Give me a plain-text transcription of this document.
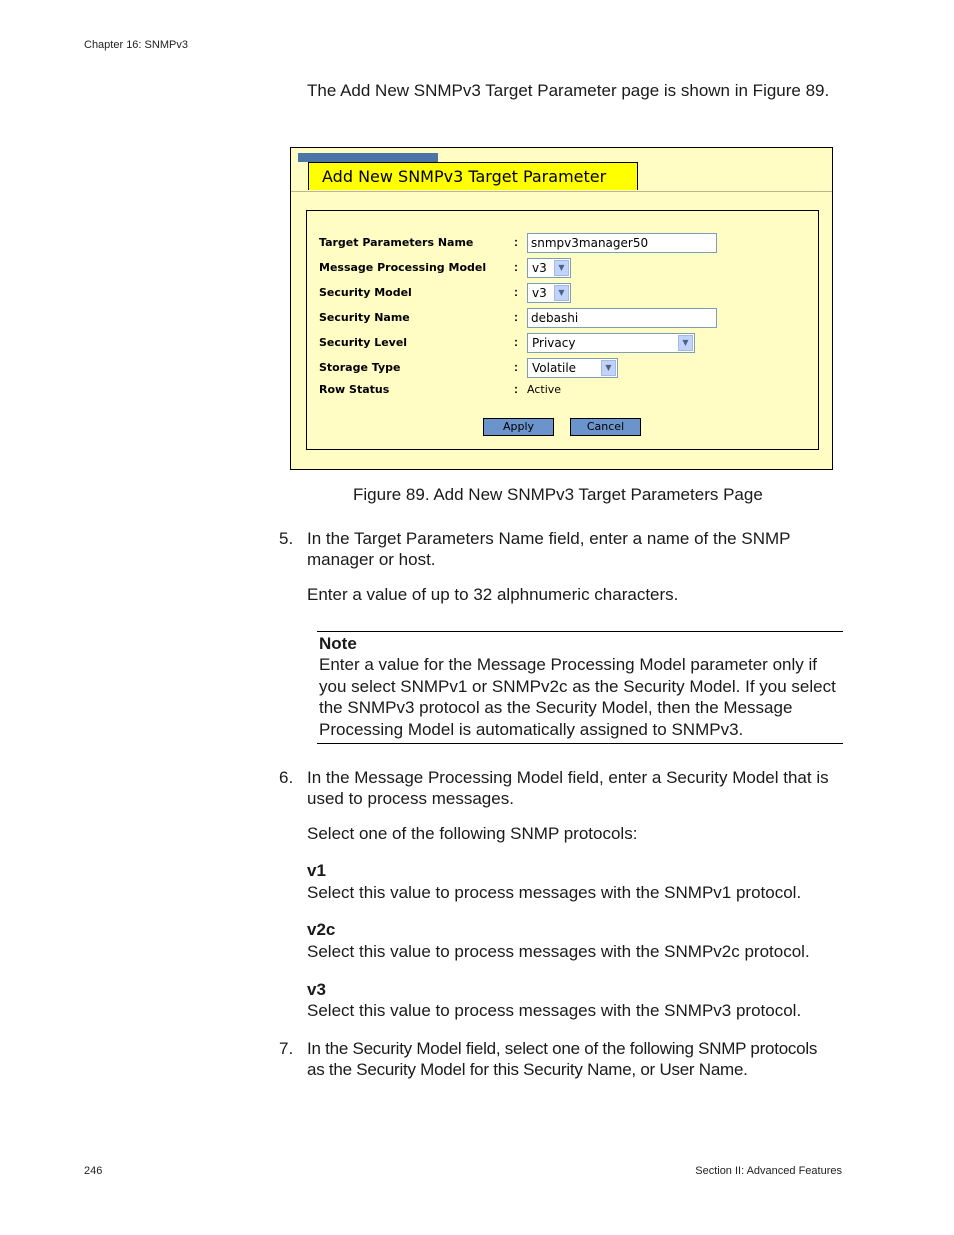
Chapter 16: SNMPv3
The Add New SNMPv3 Target Parameter page is shown in Figure 89.
Add New SNMPv3 Target Parameter
Target Parameters Name	:	snmpv3manager50
Message Processing Model :	v3	▼
Security Model	:	v3	▼
Security Name	:	debashi
Security Level	:	Privacy	▼
Storage Type	:	Volatile	▼
Row Status	: Active
Apply	Cancel
Figure 89. Add New SNMPv3 Target Parameters Page
5. In the Target Parameters Name field, enter a name of the SNMP
manager or host.
Enter a value of up to 32 alphnumeric characters.
Note
Enter a value for the Message Processing Model parameter only if
you select SNMPv1 or SNMPv2c as the Security Model. If you select
the SNMPv3 protocol as the Security Model, then the Message
Processing Model is automatically assigned to SNMPv3.
6. In the Message Processing Model field, enter a Security Model that is
used to process messages.
Select one of the following SNMP protocols:
v1
Select this value to process messages with the SNMPv1 protocol.
v2c
Select this value to process messages with the SNMPv2c protocol.
v3
Select this value to process messages with the SNMPv3 protocol.
7. In the Security Model field, select one of the following SNMP protocols
as the Security Model for this Security Name, or User Name.
246	Section II: Advanced Features
